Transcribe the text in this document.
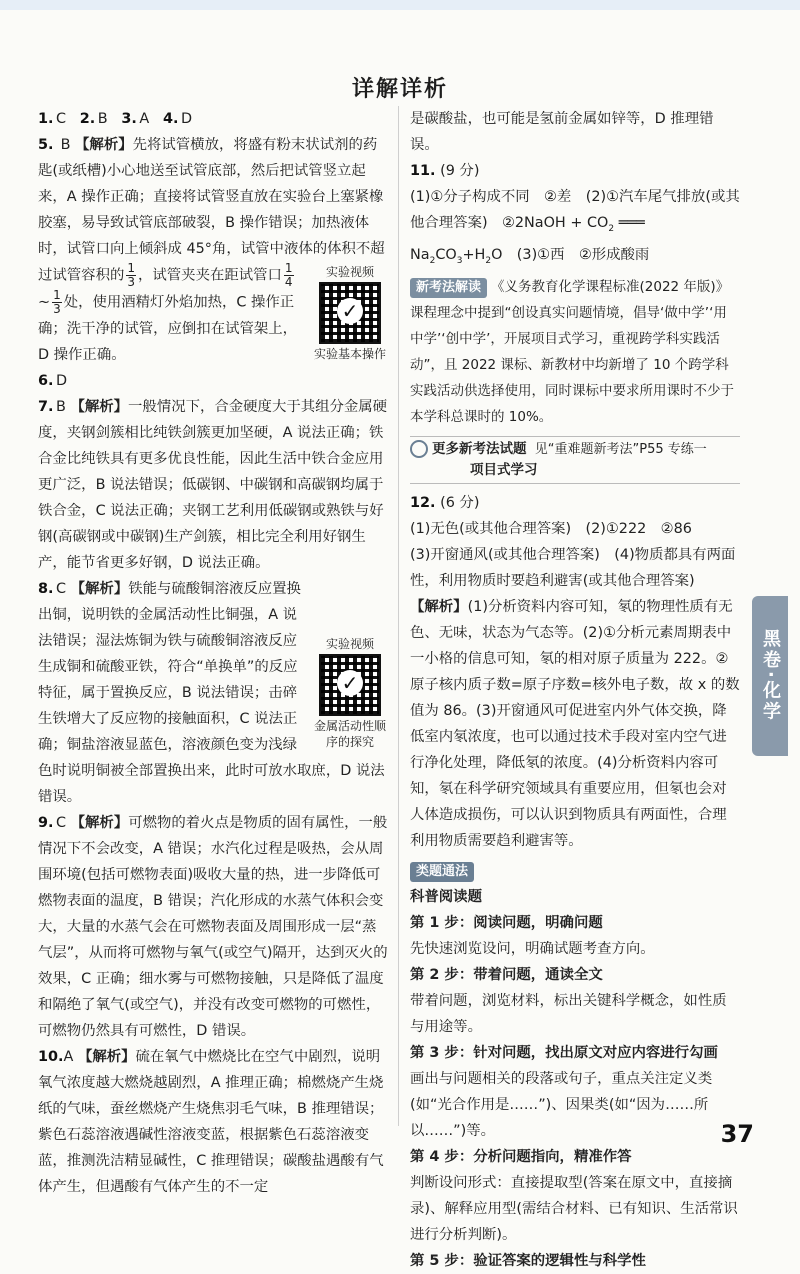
详解详析

1. C 2. B 3. A 4. D

5. B 【解析】先将试管横放，将盛有粉末状试剂的药匙(或纸槽)小心地送至试管底部，然后把试管竖立起来，A 操作正确；直接将试管竖直放在实验台上塞紧橡胶塞，易导致试管底部破裂，B 操作错误；加热液体时，试管口向上倾斜成 45°角，试管中液体的体积不超过试管容积的 $\frac{1}{3}$ ，试管夹夹在距试管口 $\frac{1}{4}$
	实验视频
✓
实验基本操作
~ $\frac{1}{3}$ 处，使用酒精灯外焰加热，C 操作正确；洗干净的试管，应倒扣在试管架上，D 操作正确。

6. D

7. B 【解析】一般情况下，合金硬度大于其组分金属硬度，夹钢剑簇相比纯铁剑簇更加坚硬，A 说法正确；铁合金比纯铁具有更多优良性能，因此生活中铁合金应用更广泛，B 说法错误；低碳钢、中碳钢和高碳钢均属于铁合金，C 说法正确；夹钢工艺利用低碳钢或熟铁与好钢(高碳钢或中碳钢)生产剑簇，相比完全利用好钢生产，能节省更多好钢，D 说法正确。

实验视频
✓
金属活动性顺序的探究
8. C 【解析】铁能与硫酸铜溶液反应置换出铜，说明铁的金属活动性比铜强，A 说法错误；湿法炼铜为铁与硫酸铜溶液反应生成铜和硫酸亚铁，符合“单换单”的反应特征，属于置换反应，B 说法错误；击碎生铁增大了反应物的接触面积，C 说法正确；铜盐溶液显蓝色，溶液颜色变为浅绿色时说明铜被全部置换出来，此时可放水取庶，D 说法错误。

9. C 【解析】可燃物的着火点是物质的固有属性，一般情况下不会改变，A 错误；水汽化过程是吸热，会从周围环境(包括可燃物表面)吸收大量的热，进一步降低可燃物表面的温度，B 错误；汽化形成的水蒸气体积会变大，大量的水蒸气会在可燃物表面及周围形成一层“蒸气层”，从而将可燃物与氧气(或空气)隔开，达到灭火的效果，C 正确；细水雾与可燃物接触，只是降低了温度和隔绝了氧气(或空气)，并没有改变可燃物的可燃性，可燃物仍然具有可燃性，D 错误。

10.A 【解析】硫在氧气中燃烧比在空气中剧烈，说明氧气浓度越大燃烧越剧烈，A 推理正确；棉燃烧产生烧纸的气味，蚕丝燃烧产生烧焦羽毛气味，B 推理错误；紫色石蕊溶液遇碱性溶液变蓝，根据紫色石蕊溶液变蓝，推测洗洁精显碱性，C 推理错误；碳酸盐遇酸有气体产生，但遇酸有气体产生的不一定

是碳酸盐，也可能是氢前金属如锌等，D 推理错误。

11. (9 分)
(1)①分子构成不同　②差　(2)①汽车尾气排放(或其他合理答案)　②2NaOH + $CO_2$ ═══
$Na_2CO_3+H_2O$　(3)①西　②形成酸雨

新考法解读 《义务教育化学课程标准(2022 年版)》课程理念中提到“创设真实问题情境，倡导‘做中学’‘用中学’‘创中学’，开展项目式学习，重视跨学科实践活动”，且 2022 课标、新教材中均新增了 10 个跨学科实践活动供选择使用，同时课标中要求所用课时不少于本学科总课时的 10%。

更多新考法试题 见“重难题新考法”P55 专练一
项目式学习

12. (6 分)
(1)无色(或其他合理答案)　(2)①222　②86
(3)开窗通风(或其他合理答案)　(4)物质都具有两面性，利用物质时要趋利避害(或其他合理答案)
【解析】(1)分析资料内容可知，氡的物理性质有无色、无味，状态为气态等。(2)①分析元素周期表中一小格的信息可知，氡的相对原子质量为 222。②原子核内质子数=原子序数=核外电子数，故 x 的数值为 86。(3)开窗通风可促进室内外气体交换，降低室内氡浓度，也可以通过技术手段对室内空气进行净化处理，降低氡的浓度。(4)分析资料内容可知，氡在科学研究领域具有重要应用，但氡也会对人体造成损伤，可以认识到物质具有两面性，合理利用物质需要趋利避害等。

类题通法
科普阅读题
第 1 步：阅读问题，明确问题
先快速浏览设问，明确试题考查方向。
第 2 步：带着问题，通读全文
带着问题，浏览材料，标出关键科学概念，如性质与用途等。
第 3 步：针对问题，找出原文对应内容进行勾画
画出与问题相关的段落或句子，重点关注定义类(如“光合作用是……”)、因果类(如“因为……所以……”)等。
第 4 步：分析问题指向，精准作答
判断设问形式：直接提取型(答案在原文中，直接摘录)、解释应用型(需结合材料、已有知识、生活常识进行分析判断)。
第 5 步：验证答案的逻辑性与科学性

黑卷·化学
37
